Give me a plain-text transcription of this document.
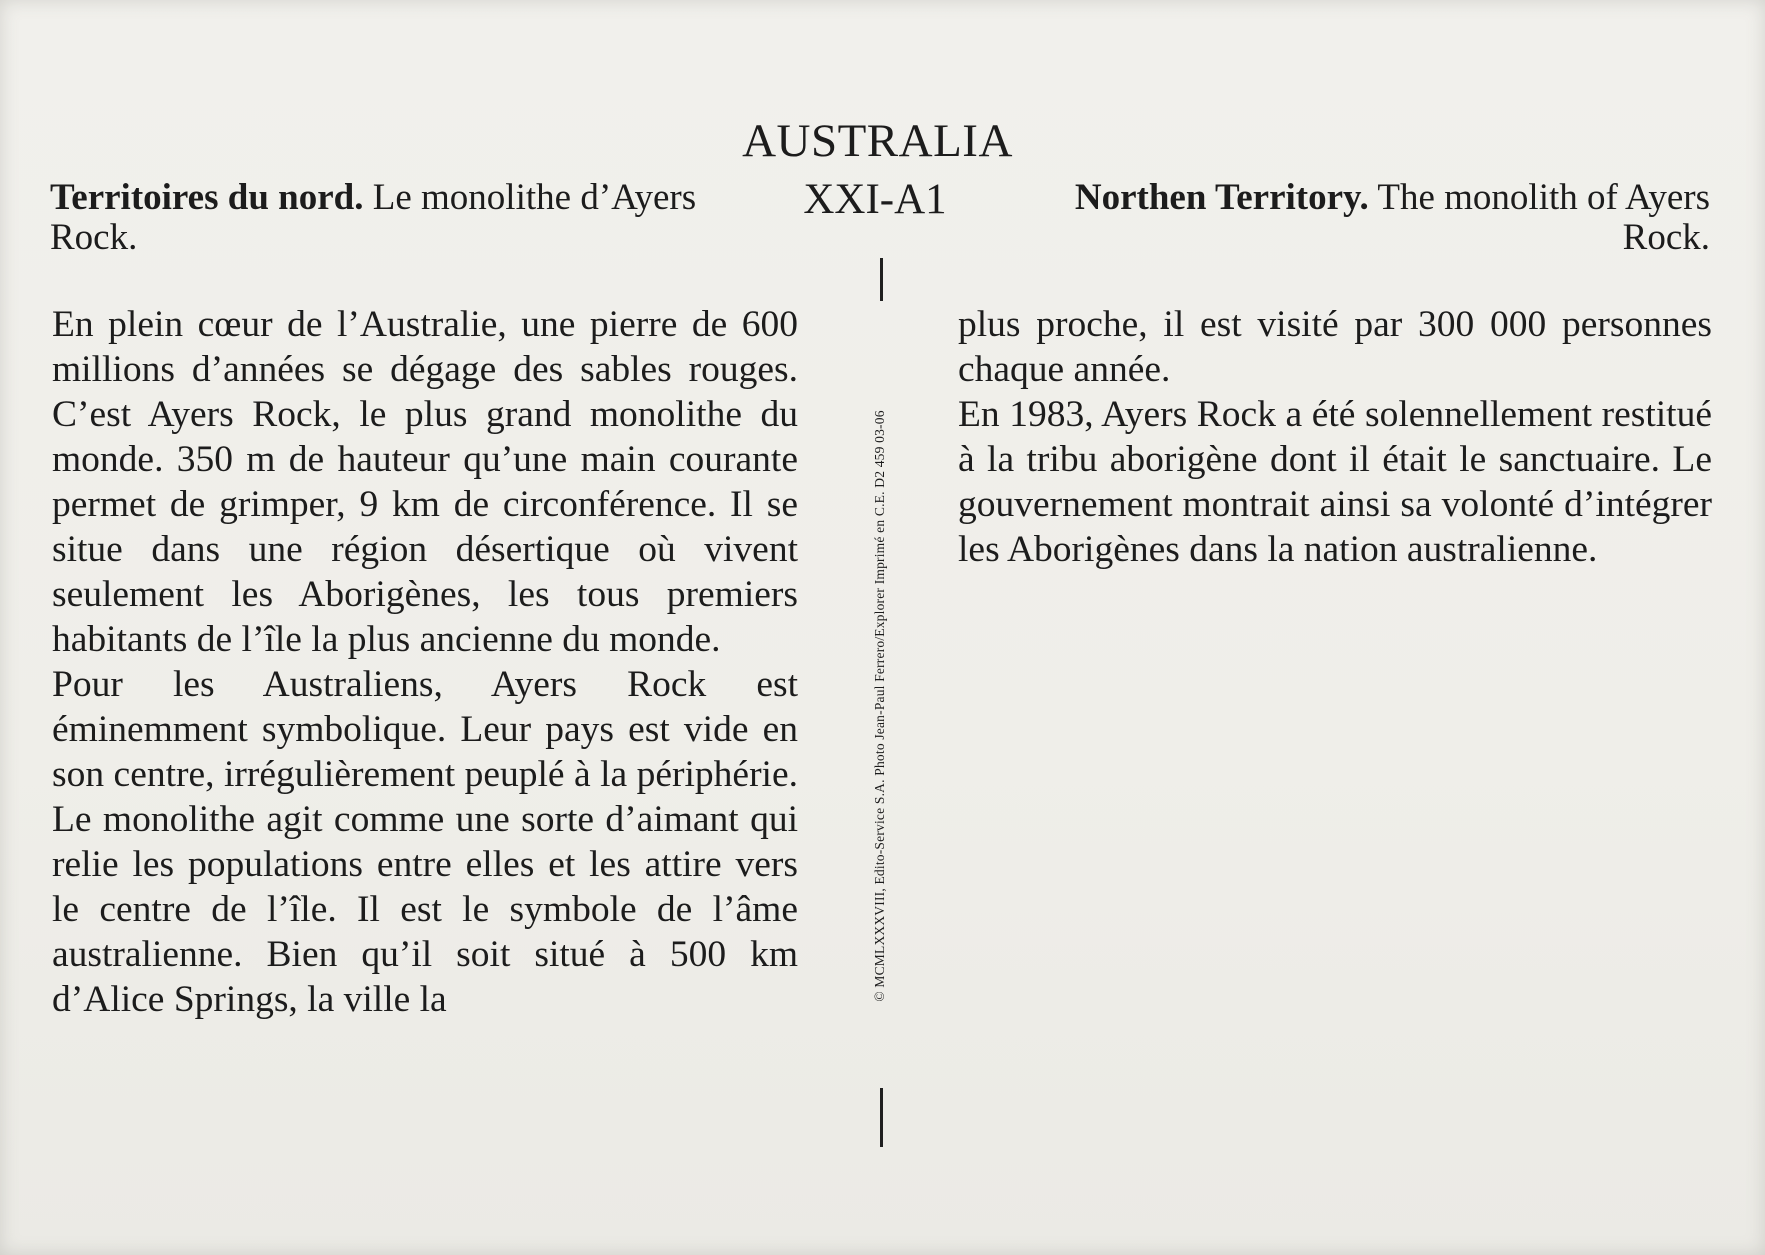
AUSTRALIA
XXI-A1
Territoires du nord. Le monolithe d’Ayers Rock.
Northen Territory. The monolith of Ayers Rock.

En plein cœur de l’Australie, une pierre de 600 millions d’années se dégage des sables rouges. C’est Ayers Rock, le plus grand monolithe du monde. 350 m de hauteur qu’une main courante permet de grimper, 9 km de circonférence. Il se situe dans une région désertique où vivent seulement les Aborigènes, les tous premiers habitants de l’île la plus ancienne du monde.

Pour les Australiens, Ayers Rock est éminemment symbolique. Leur pays est vide en son centre, irrégulièrement peuplé à la périphérie. Le monolithe agit comme une sorte d’aimant qui relie les populations entre elles et les attire vers le centre de l’île. Il est le symbole de l’âme australienne. Bien qu’il soit situé à 500 km d’Alice Springs, la ville la

plus proche, il est visité par 300 000 personnes chaque année.

En 1983, Ayers Rock a été solennellement restitué à la tribu aborigène dont il était le sanctuaire. Le gouvernement montrait ainsi sa volonté d’intégrer les Aborigènes dans la nation australienne.

© MCMLXXXVIII, Edito-Service S.A. Photo Jean-Paul Ferrero/Explorer Imprimé en C.E. D2 459 03-06
